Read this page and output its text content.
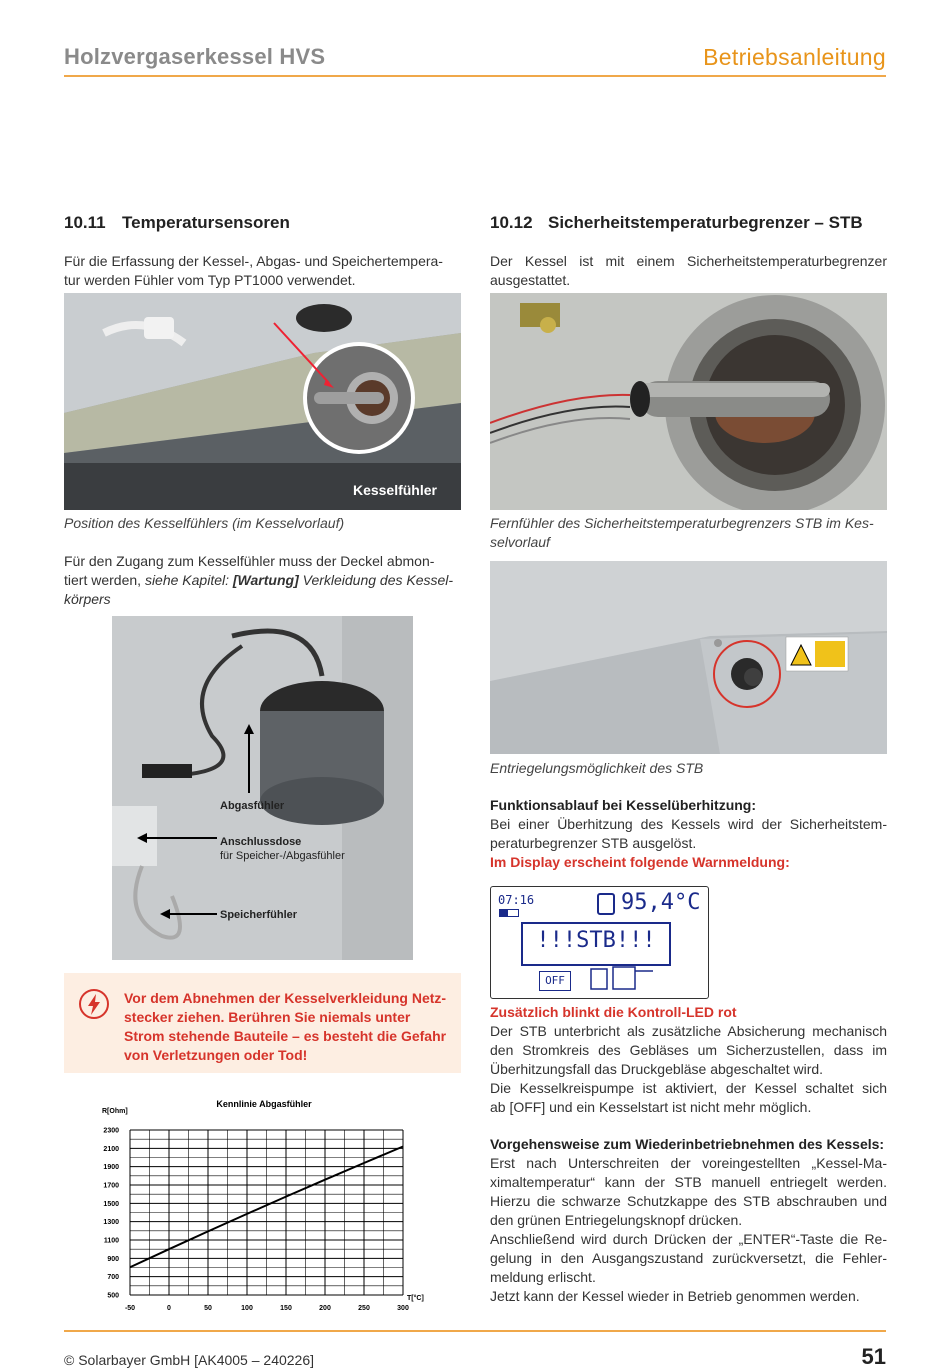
Holzvergaserkessel HVS	Betriebsanleitung
10.11 Temperatursensoren
Für die Erfassung der Kessel-, Abgas- und Speichertempera-
tur werden Fühler vom Typ PT1000 verwendet.
Kesselfühler
Position des Kesselfühlers (im Kesselvorlauf)
Für den Zugang zum Kesselfühler muss der Deckel abmon-
tiert werden, siehe Kapitel: [Wartung] Verkleidung des Kessel-
körpers
Abgasfühler
Anschlussdose
für Speicher-/Abgasfühler
Speicherfühler
Vor dem Abnehmen der Kesselverkleidung Netz-
stecker ziehen. Berühren Sie niemals unter
Strom stehende Bauteile – es besteht die Gefahr
von Verletzungen oder Tod!
Kennlinie Abgasfühler
R[Ohm]
T[°C]
-50	0	50	100	150	200	250	300
2300
2100
1900
1700
1500
1300
1100
900
700
500
10.12 Sicherheitstemperaturbegrenzer – STB
Der Kessel ist mit einem Sicherheitstemperaturbegrenzer
ausgestattet.
Fernfühler des Sicherheitstemperaturbegrenzers STB im Kes-
selvorlauf
Entriegelungsmöglichkeit des STB
Funktionsablauf bei Kesselüberhitzung:
Bei einer Überhitzung des Kessels wird der Sicherheitstem-
peraturbegrenzer STB ausgelöst.
Im Display erscheint folgende Warnmeldung:
07:16	95,4°C
!!!STB!!!
OFF
Zusätzlich blinkt die Kontroll-LED rot
Der STB unterbricht als zusätzliche Absicherung mechanisch
den Stromkreis des Gebläses um Sicherzustellen, dass im
Überhitzungsfall das Druckgebläse abgeschaltet wird.
Die Kesselkreispumpe ist aktiviert, der Kessel schaltet sich
ab [OFF] und ein Kesselstart ist nicht mehr möglich.
Vorgehensweise zum Wiederinbetriebnehmen des Kessels:
Erst nach Unterschreiten der voreingestellten „Kessel-Ma-
ximaltemperatur“ kann der STB manuell entriegelt werden.
Hierzu die schwarze Schutzkappe des STB abschrauben und
den grünen Entriegelungsknopf drücken.
Anschließend wird durch Drücken der „ENTER“-Taste die Re-
gelung in den Ausgangszustand zurückversetzt, die Fehler-
meldung erlischt.
Jetzt kann der Kessel wieder in Betrieb genommen werden.
© Solarbayer GmbH [AK4005 – 240226]	51
